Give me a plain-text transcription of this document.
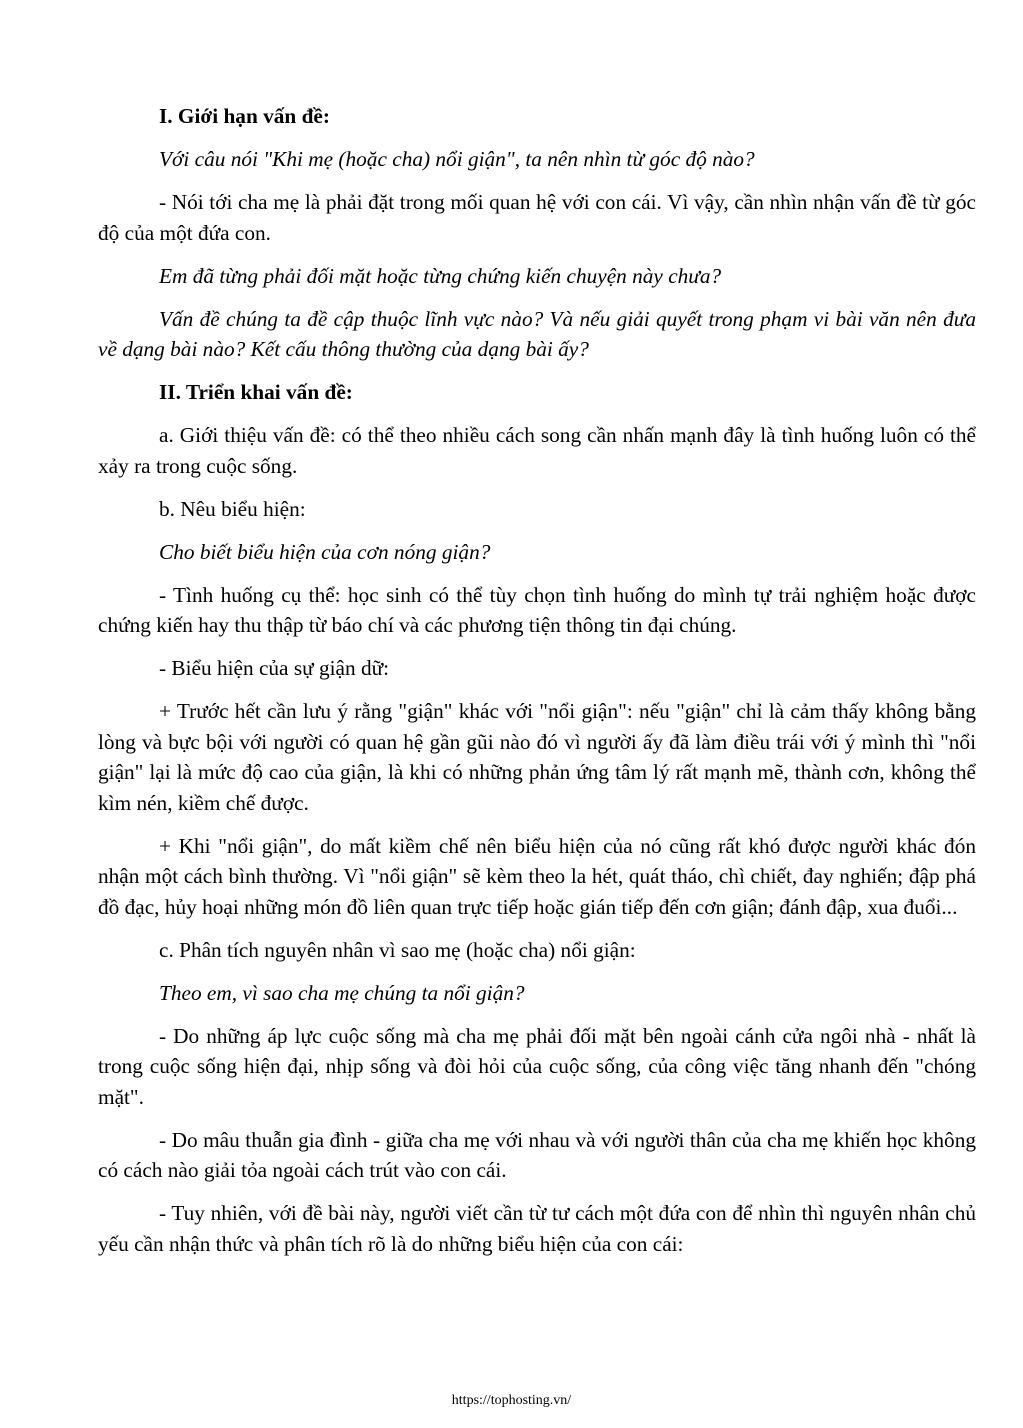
I. Giới hạn vấn đề:

Với câu nói "Khi mẹ (hoặc cha) nổi giận", ta nên nhìn từ góc độ nào?

- Nói tới cha mẹ là phải đặt trong mối quan hệ với con cái. Vì vậy, cần nhìn nhận vấn đề từ góc độ của một đứa con.

Em đã từng phải đối mặt hoặc từng chứng kiến chuyện này chưa?

Vấn đề chúng ta đề cập thuộc lĩnh vực nào? Và nếu giải quyết trong phạm vi bài văn nên đưa về dạng bài nào? Kết cấu thông thường của dạng bài ấy?

II. Triển khai vấn đề:

a. Giới thiệu vấn đề: có thể theo nhiều cách song cần nhấn mạnh đây là tình huống luôn có thể xảy ra trong cuộc sống.

b. Nêu biểu hiện:

Cho biết biểu hiện của cơn nóng giận?

- Tình huống cụ thể: học sinh có thể tùy chọn tình huống do mình tự trải nghiệm hoặc được chứng kiến hay thu thập từ báo chí và các phương tiện thông tin đại chúng.

- Biểu hiện của sự giận dữ:

+ Trước hết cần lưu ý rằng "giận" khác với "nổi giận": nếu "giận" chỉ là cảm thấy không bằng lòng và bực bội với người có quan hệ gần gũi nào đó vì người ấy đã làm điều trái với ý mình thì "nổi giận" lại là mức độ cao của giận, là khi có những phản ứng tâm lý rất mạnh mẽ, thành cơn, không thể kìm nén, kiềm chế được.

+ Khi "nổi giận", do mất kiềm chế nên biểu hiện của nó cũng rất khó được người khác đón nhận một cách bình thường. Vì "nổi giận" sẽ kèm theo la hét, quát tháo, chì chiết, đay nghiến; đập phá đồ đạc, hủy hoại những món đồ liên quan trực tiếp hoặc gián tiếp đến cơn giận; đánh đập, xua đuổi...

c. Phân tích nguyên nhân vì sao mẹ (hoặc cha) nổi giận:

Theo em, vì sao cha mẹ chúng ta nổi giận?

- Do những áp lực cuộc sống mà cha mẹ phải đối mặt bên ngoài cánh cửa ngôi nhà - nhất là trong cuộc sống hiện đại, nhịp sống và đòi hỏi của cuộc sống, của công việc tăng nhanh đến "chóng mặt".

- Do mâu thuẫn gia đình - giữa cha mẹ với nhau và với người thân của cha mẹ khiến học không có cách nào giải tỏa ngoài cách trút vào con cái.

- Tuy nhiên, với đề bài này, người viết cần từ tư cách một đứa con để nhìn thì nguyên nhân chủ yếu cần nhận thức và phân tích rõ là do những biểu hiện của con cái:

https://tophosting.vn/
